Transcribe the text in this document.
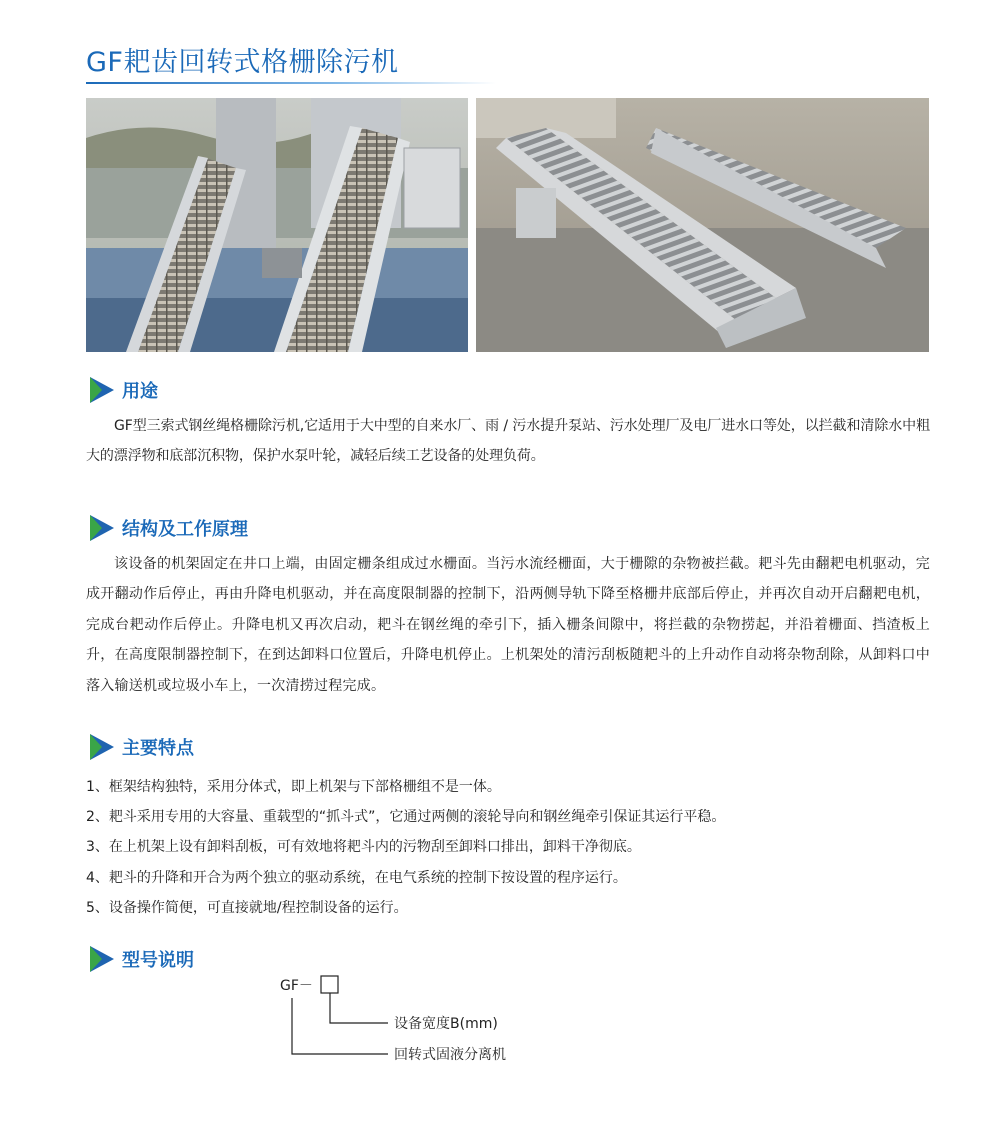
GF耙齿回转式格栅除污机
用途

GF型三索式钢丝绳格栅除污机,它适用于大中型的自来水厂、雨 / 污水提升泵站、污水处理厂及电厂进水口等处，以拦截和清除水中粗大的漂浮物和底部沉积物，保护水泵叶轮，减轻后续工艺设备的处理负荷。

结构及工作原理

该设备的机架固定在井口上端，由固定栅条组成过水栅面。当污水流经栅面，大于栅隙的杂物被拦截。耙斗先由翻耙电机驱动，完成开翻动作后停止，再由升降电机驱动，并在高度限制器的控制下，沿两侧导轨下降至格栅井底部后停止，并再次自动开启翻耙电机，完成台耙动作后停止。升降电机又再次启动，耙斗在钢丝绳的牵引下，插入栅条间隙中，将拦截的杂物捞起，并沿着栅面、挡渣板上升，在高度限制器控制下，在到达卸料口位置后，升降电机停止。上机架处的清污刮板随耙斗的上升动作自动将杂物刮除，从卸料口中落入输送机或垃圾小车上，一次清捞过程完成。

主要特点
1、框架结构独特，采用分体式，即上机架与下部格栅组不是一体。
2、耙斗采用专用的大容量、重载型的“抓斗式”，它通过两侧的滚轮导向和钢丝绳牵引保证其运行平稳。
3、在上机架上设有卸料刮板，可有效地将耙斗内的污物刮至卸料口排出，卸料干净彻底。
4、耙斗的升降和开合为两个独立的驱动系统，在电气系统的控制下按设置的程序运行。
5、设备操作简便，可直接就地/程控制设备的运行。
型号说明
GF－
设备宽度B(mm)
回转式固液分离机
